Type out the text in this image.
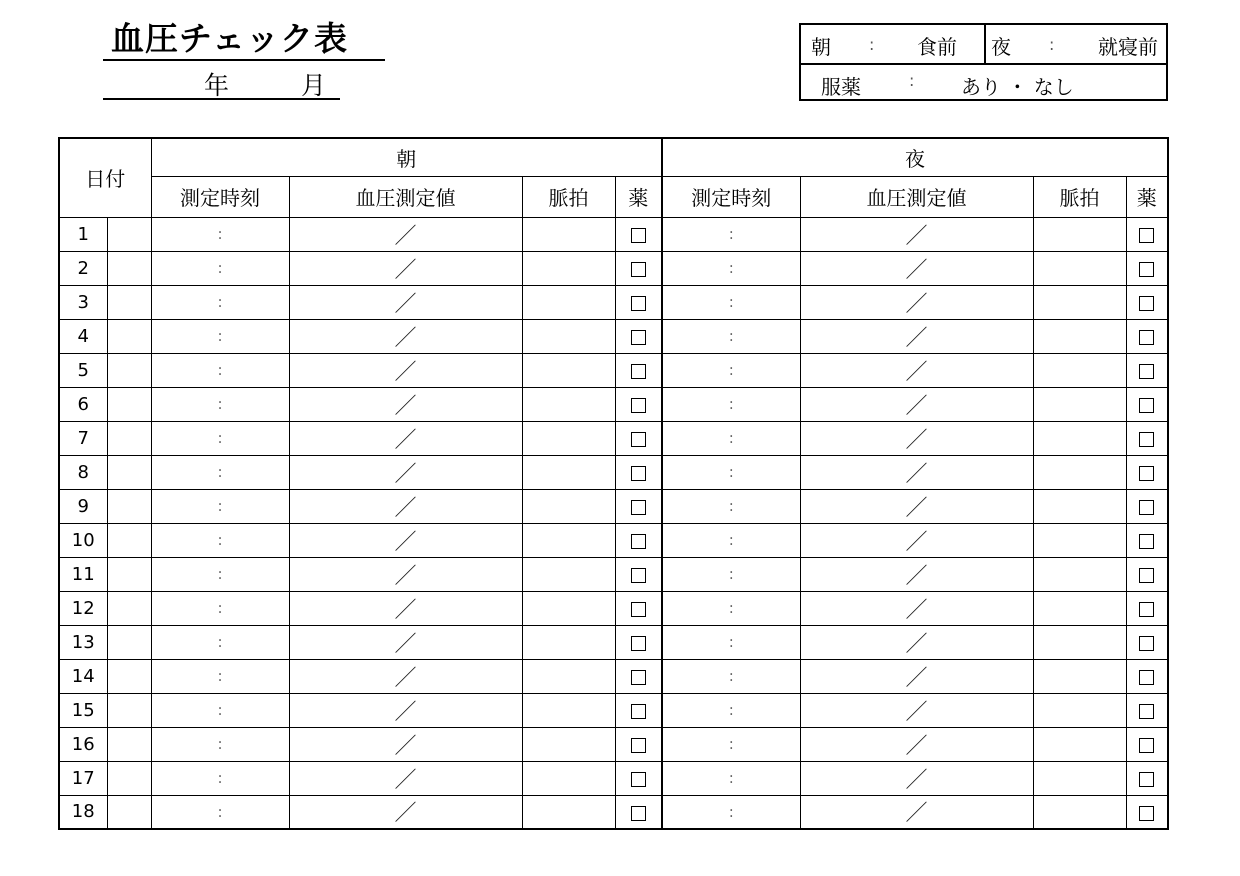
血圧チェック表
年	月
朝 : 食前 夜 : 就寝前
服薬	: あり ・ なし
日付		朝				夜			
		測定時刻	血圧測定値	脈拍	薬	測定時刻	血圧測定値	脈拍	薬
1		:	／			:	／		
2		:	／			:	／		
3		:	／			:	／		
4		:	／			:	／		
5		:	／			:	／		
6		:	／			:	／		
7		:	／			:	／		
8		:	／			:	／		
9		:	／			:	／		
10		:	／			:	／		
11		:	／			:	／		
12		:	／			:	／		
13		:	／			:	／		
14		:	／			:	／		
15		:	／			:	／		
16		:	／			:	／		
17		:	／			:	／		
18		:	／			:	／		
